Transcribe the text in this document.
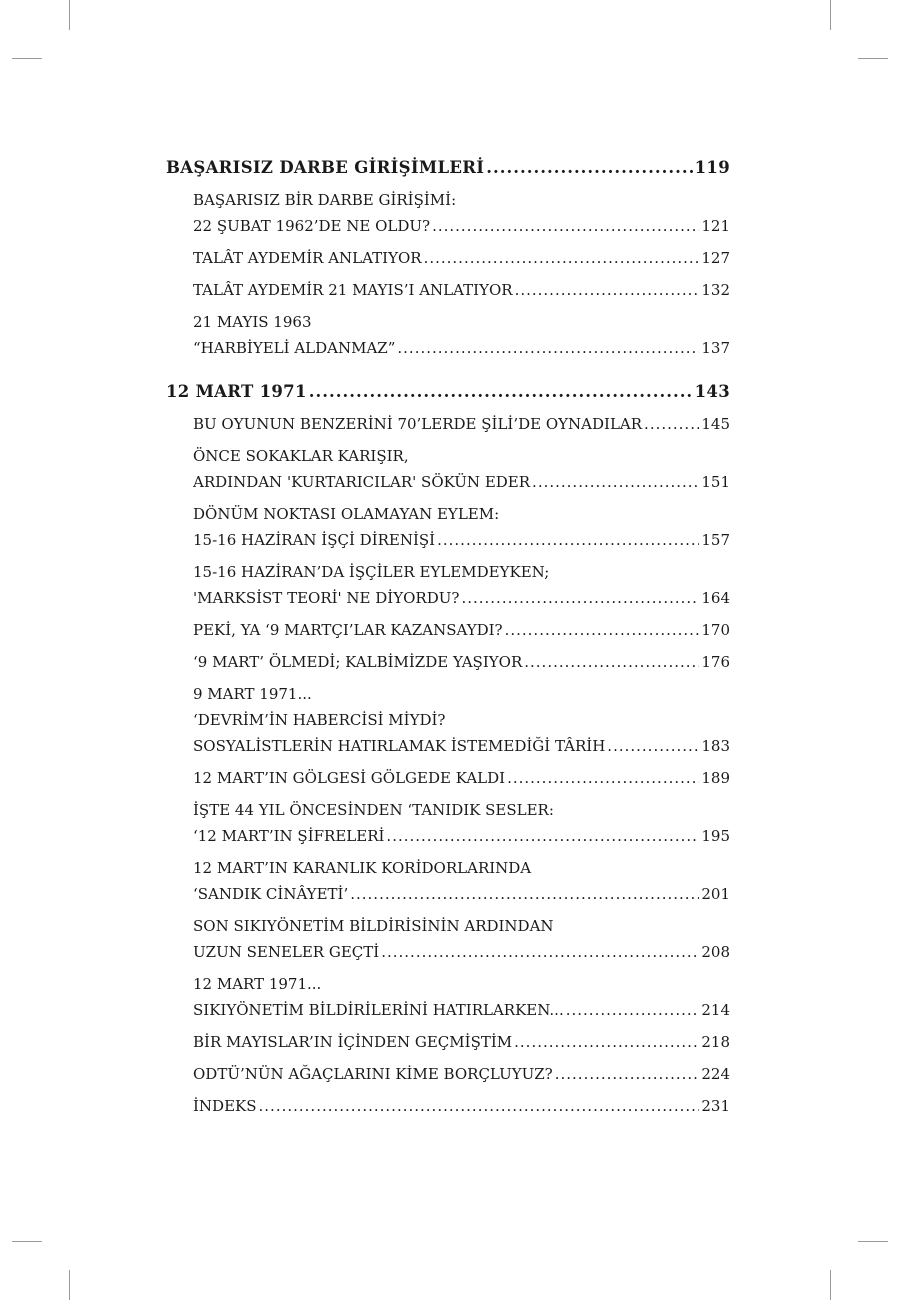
BAŞARISIZ DARBE GİRİŞİMLERİ .....	119
BAŞARISIZ BİR DARBE GİRİŞİMİ:
22 ŞUBAT 1962’DE NE OLDU? .....	121
TALÂT AYDEMİR ANLATIYOR .....	127
TALÂT AYDEMİR 21 MAYIS’I ANLATIYOR .....	132
21 MAYIS 1963
“HARBİYELİ ALDANMAZ” .....	137
12 MART 1971 .....	143
BU OYUNUN BENZERİNİ 70’LERDE ŞİLİ’DE OYNADILAR .....	145
ÖNCE SOKAKLAR KARIŞIR,
ARDINDAN 'KURTARICILAR' SÖKÜN EDER .....	151
DÖNÜM NOKTASI OLAMAYAN EYLEM:
15-16 HAZİRAN İŞÇİ DİRENİŞİ .....	157
15-16 HAZİRAN’DA İŞÇİLER EYLEMDEYKEN;
'MARKSİST TEORİ' NE DİYORDU? .....	164
PEKİ, YA ‘9 MARTÇI’LAR KAZANSAYDI? .....	170
‘9 MART’ ÖLMEDİ; KALBİMİZDE YAŞIYOR .....	176
9 MART 1971...
‘DEVRİM’İN HABERCİSİ MİYDİ?
SOSYALİSTLERİN HATIRLAMAK İSTEMEDİĞİ TÂRİH .....	183
12 MART’IN GÖLGESİ GÖLGEDE KALDI .....	189
İŞTE 44 YIL ÖNCESİNDEN ‘TANIDIK SESLER:
‘12 MART’IN ŞİFRELERİ .....	195
12 MART’IN KARANLIK KORİDORLARINDA
‘SANDIK CİNÂYETİ’ .....	201
SON SIKIYÖNETİM BİLDİRİSİNİN ARDINDAN
UZUN SENELER GEÇTİ .....	208
12 MART 1971...
SIKIYÖNETİM BİLDİRİLERİNİ HATIRLARKEN... .....	214
BİR MAYISLAR’IN İÇİNDEN GEÇMİŞTİM .....	218
ODTÜ’NÜN AĞAÇLARINI KİME BORÇLUYUZ? .....	224
İNDEKS .....	231
